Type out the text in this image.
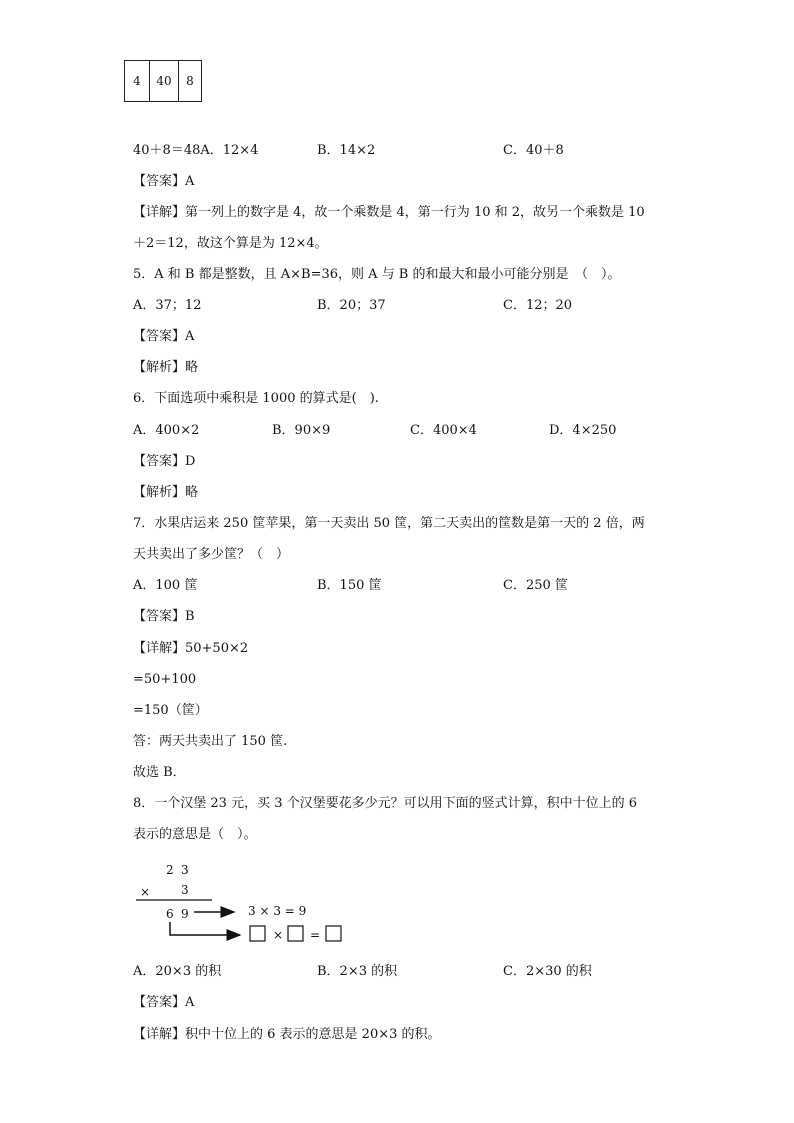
4	40	8
40＋8＝48A．12×4	B．14×2	C．40＋8
【答案】A
【详解】第一列上的数字是 4，故一个乘数是 4，第一行为 10 和 2，故另一个乘数是 10
＋2＝12，故这个算是为 12×4。
5．A 和 B 都是整数，且 A×B=36，则 A 与 B 的和最大和最小可能分别是　（　）。
A．37；12	B．20；37	C．12；20
【答案】A
【解析】略
6．下面选项中乘积是 1000 的算式是(　).
A．400×2	B．90×9	C．400×4	D．4×250
【答案】D
【解析】略
7．水果店运来 250 筐苹果，第一天卖出 50 筐，第二天卖出的筐数是第一天的 2 倍，两
天共卖出了多少筐？（　）
A．100 筐	B．150 筐	C．250 筐
【答案】B
【详解】50+50×2
=50+100
=150（筐）
答：两天共卖出了 150 筐.
故选 B．
8．一个汉堡 23 元，买 3 个汉堡要花多少元？可以用下面的竖式计算，积中十位上的 6
表示的意思是（　）。
2 3
×	3
6 9	3 × 3 = 9
× =
A．20×3 的积	B．2×3 的积	C．2×30 的积
【答案】A
【详解】积中十位上的 6 表示的意思是 20×3 的积。
